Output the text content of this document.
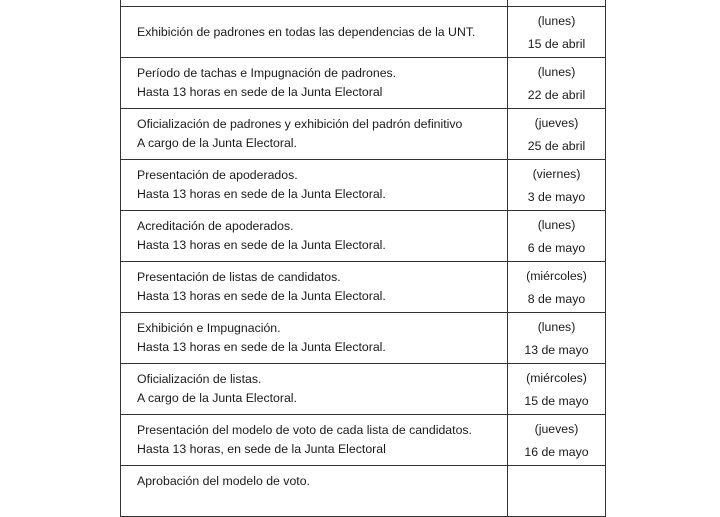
Exhibición de padrones en todas las dependencias de la UNT.
(lunes)
15 de abril
Período de tachas e Impugnación de padrones.
Hasta 13 horas en sede de la Junta Electoral
(lunes)
22 de abril
Oficialización de padrones y exhibición del padrón definitivo
A cargo de la Junta Electoral.
(jueves)
25 de abril
Presentación de apoderados.
Hasta 13 horas en sede de la Junta Electoral.
(viernes)
3 de mayo
Acreditación de apoderados.
Hasta 13 horas en sede de la Junta Electoral.
(lunes)
6 de mayo
Presentación de listas de candidatos.
Hasta 13 horas en sede de la Junta Electoral.
(miércoles)
8 de mayo
Exhibición e Impugnación.
Hasta 13 horas en sede de la Junta Electoral.
(lunes)
13 de mayo
Oficialización de listas.
A cargo de la Junta Electoral.
(miércoles)
15 de mayo
Presentación del modelo de voto de cada lista de candidatos.
Hasta 13 horas, en sede de la Junta Electoral
(jueves)
16 de mayo
Aprobación del modelo de voto.
